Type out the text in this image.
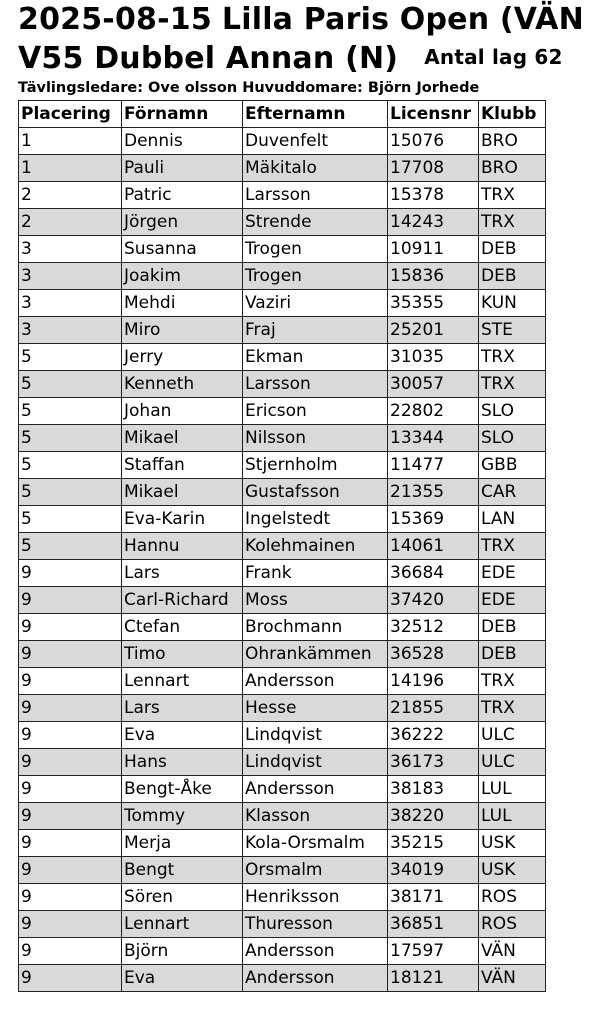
2025-08-15 Lilla Paris Open (VÄN
V55 Dubbel Annan (N) Antal lag 62
Tävlingsledare: Ove olsson Huvuddomare: Björn Jorhede
Placering	Förnamn	Efternamn	Licensnr	Klubb
1	Dennis	Duvenfelt	15076	BRO
1	Pauli	Mäkitalo	17708	BRO
2	Patric	Larsson	15378	TRX
2	Jörgen	Strende	14243	TRX
3	Susanna	Trogen	10911	DEB
3	Joakim	Trogen	15836	DEB
3	Mehdi	Vaziri	35355	KUN
3	Miro	Fraj	25201	STE
5	Jerry	Ekman	31035	TRX
5	Kenneth	Larsson	30057	TRX
5	Johan	Ericson	22802	SLO
5	Mikael	Nilsson	13344	SLO
5	Staffan	Stjernholm	11477	GBB
5	Mikael	Gustafsson	21355	CAR
5	Eva-Karin	Ingelstedt	15369	LAN
5	Hannu	Kolehmainen	14061	TRX
9	Lars	Frank	36684	EDE
9	Carl-Richard	Moss	37420	EDE
9	Ctefan	Brochmann	32512	DEB
9	Timo	Ohrankämmen	36528	DEB
9	Lennart	Andersson	14196	TRX
9	Lars	Hesse	21855	TRX
9	Eva	Lindqvist	36222	ULC
9	Hans	Lindqvist	36173	ULC
9	Bengt-Åke	Andersson	38183	LUL
9	Tommy	Klasson	38220	LUL
9	Merja	Kola-Orsmalm	35215	USK
9	Bengt	Orsmalm	34019	USK
9	Sören	Henriksson	38171	ROS
9	Lennart	Thuresson	36851	ROS
9	Björn	Andersson	17597	VÄN
9	Eva	Andersson	18121	VÄN
